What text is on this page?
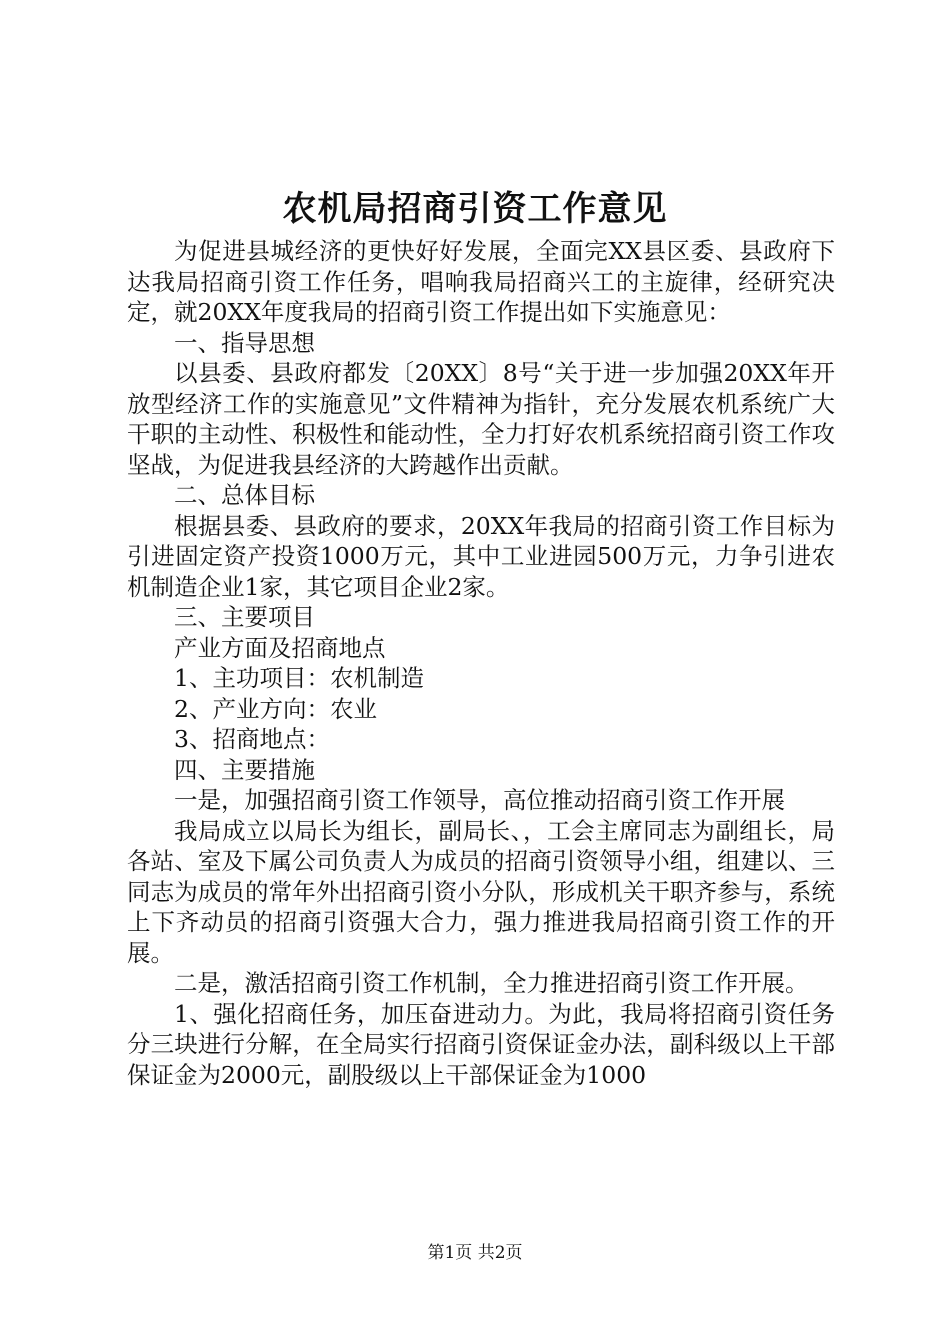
农机局招商引资工作意见

为促进县城经济的更快好好发展，全面完XX县区委、县政府下达我局招商引资工作任务，唱响我局招商兴工的主旋律，经研究决定，就20XX年度我局的招商引资工作提出如下实施意见：

一、指导思想

以县委、县政府都发〔20XX〕8号“关于进一步加强20XX年开放型经济工作的实施意见”文件精神为指针，充分发展农机系统广大干职的主动性、积极性和能动性，全力打好农机系统招商引资工作攻坚战，为促进我县经济的大跨越作出贡献。

二、总体目标

根据县委、县政府的要求，20XX年我局的招商引资工作目标为引进固定资产投资1000万元，其中工业进园500万元，力争引进农机制造企业1家，其它项目企业2家。

三、主要项目

产业方面及招商地点

1、主功项目：农机制造

2、产业方向：农业

3、招商地点：

四、主要措施

一是，加强招商引资工作领导，高位推动招商引资工作开展

我局成立以局长为组长，副局长、，工会主席同志为副组长，局各站、室及下属公司负责人为成员的招商引资领导小组，组建以、三同志为成员的常年外出招商引资小分队，形成机关干职齐参与，系统上下齐动员的招商引资强大合力，强力推进我局招商引资工作的开展。

二是，激活招商引资工作机制，全力推进招商引资工作开展。

1、强化招商任务，加压奋进动力。为此，我局将招商引资任务分三块进行分解，在全局实行招商引资保证金办法，副科级以上干部保证金为2000元，副股级以上干部保证金为1000

第1页 共2页
